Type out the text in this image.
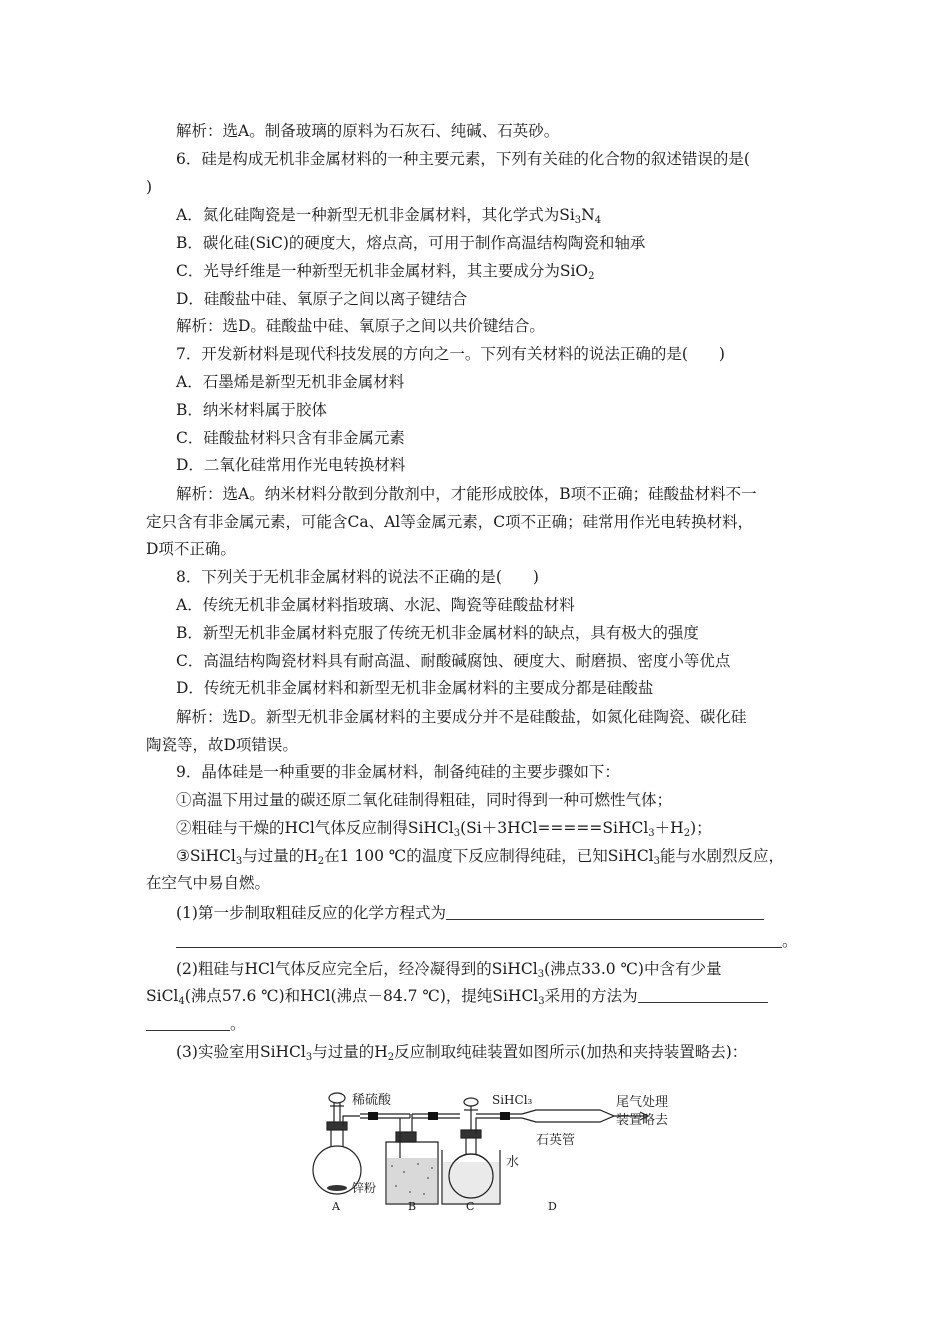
解析：选A。制备玻璃的原料为石灰石、纯碱、石英砂。
6．硅是构成无机非金属材料的一种主要元素，下列有关硅的化合物的叙述错误的是(
)
A．氮化硅陶瓷是一种新型无机非金属材料，其化学式为$Si_3N_4$
B．碳化硅(SiC)的硬度大，熔点高，可用于制作高温结构陶瓷和轴承
C．光导纤维是一种新型无机非金属材料，其主要成分为SiO$_2$
D．硅酸盐中硅、氧原子之间以离子键结合
解析：选D。硅酸盐中硅、氧原子之间以共价键结合。
7．开发新材料是现代科技发展的方向之一。下列有关材料的说法正确的是(　　)
A．石墨烯是新型无机非金属材料
B．纳米材料属于胶体
C．硅酸盐材料只含有非金属元素
D．二氧化硅常用作光电转换材料
解析：选A。纳米材料分散到分散剂中，才能形成胶体，B项不正确；硅酸盐材料不一
定只含有非金属元素，可能含Ca、Al等金属元素，C项不正确；硅常用作光电转换材料，
D项不正确。
8．下列关于无机非金属材料的说法不正确的是(　　)
A．传统无机非金属材料指玻璃、水泥、陶瓷等硅酸盐材料
B．新型无机非金属材料克服了传统无机非金属材料的缺点，具有极大的强度
C．高温结构陶瓷材料具有耐高温、耐酸碱腐蚀、硬度大、耐磨损、密度小等优点
D．传统无机非金属材料和新型无机非金属材料的主要成分都是硅酸盐
解析：选D。新型无机非金属材料的主要成分并不是硅酸盐，如氮化硅陶瓷、碳化硅
陶瓷等，故D项错误。
9．晶体硅是一种重要的非金属材料，制备纯硅的主要步骤如下：
①高温下用过量的碳还原二氧化硅制得粗硅，同时得到一种可燃性气体；
②粗硅与干燥的HCl气体反应制得$SiHCl_3(Si+3HCl=====SiHCl_3+H_2)$；
③SiHCl$_3$与过量的$H_2$在1 100 ℃的温度下反应制得纯硅，已知SiHCl$_3$能与水剧烈反应，
在空气中易自燃。
(1)第一步制取粗硅反应的化学方程式为
。
(2)粗硅与HCl气体反应完全后，经冷凝得到的SiHCl$_3$(沸点33.0 ℃)中含有少量
SiCl$_4$(沸点57.6 ℃)和HCl(沸点－84.7 ℃)，提纯SiHCl$_3$采用的方法为
。
(3)实验室用SiHCl$_3$与过量的$H_2$反应制取纯硅装置如图所示(加热和夹持装置略去)：
稀硫酸	SiHCl₃
锌粉
水
石英管
尾气处理
装置略去
A	B	C	D
